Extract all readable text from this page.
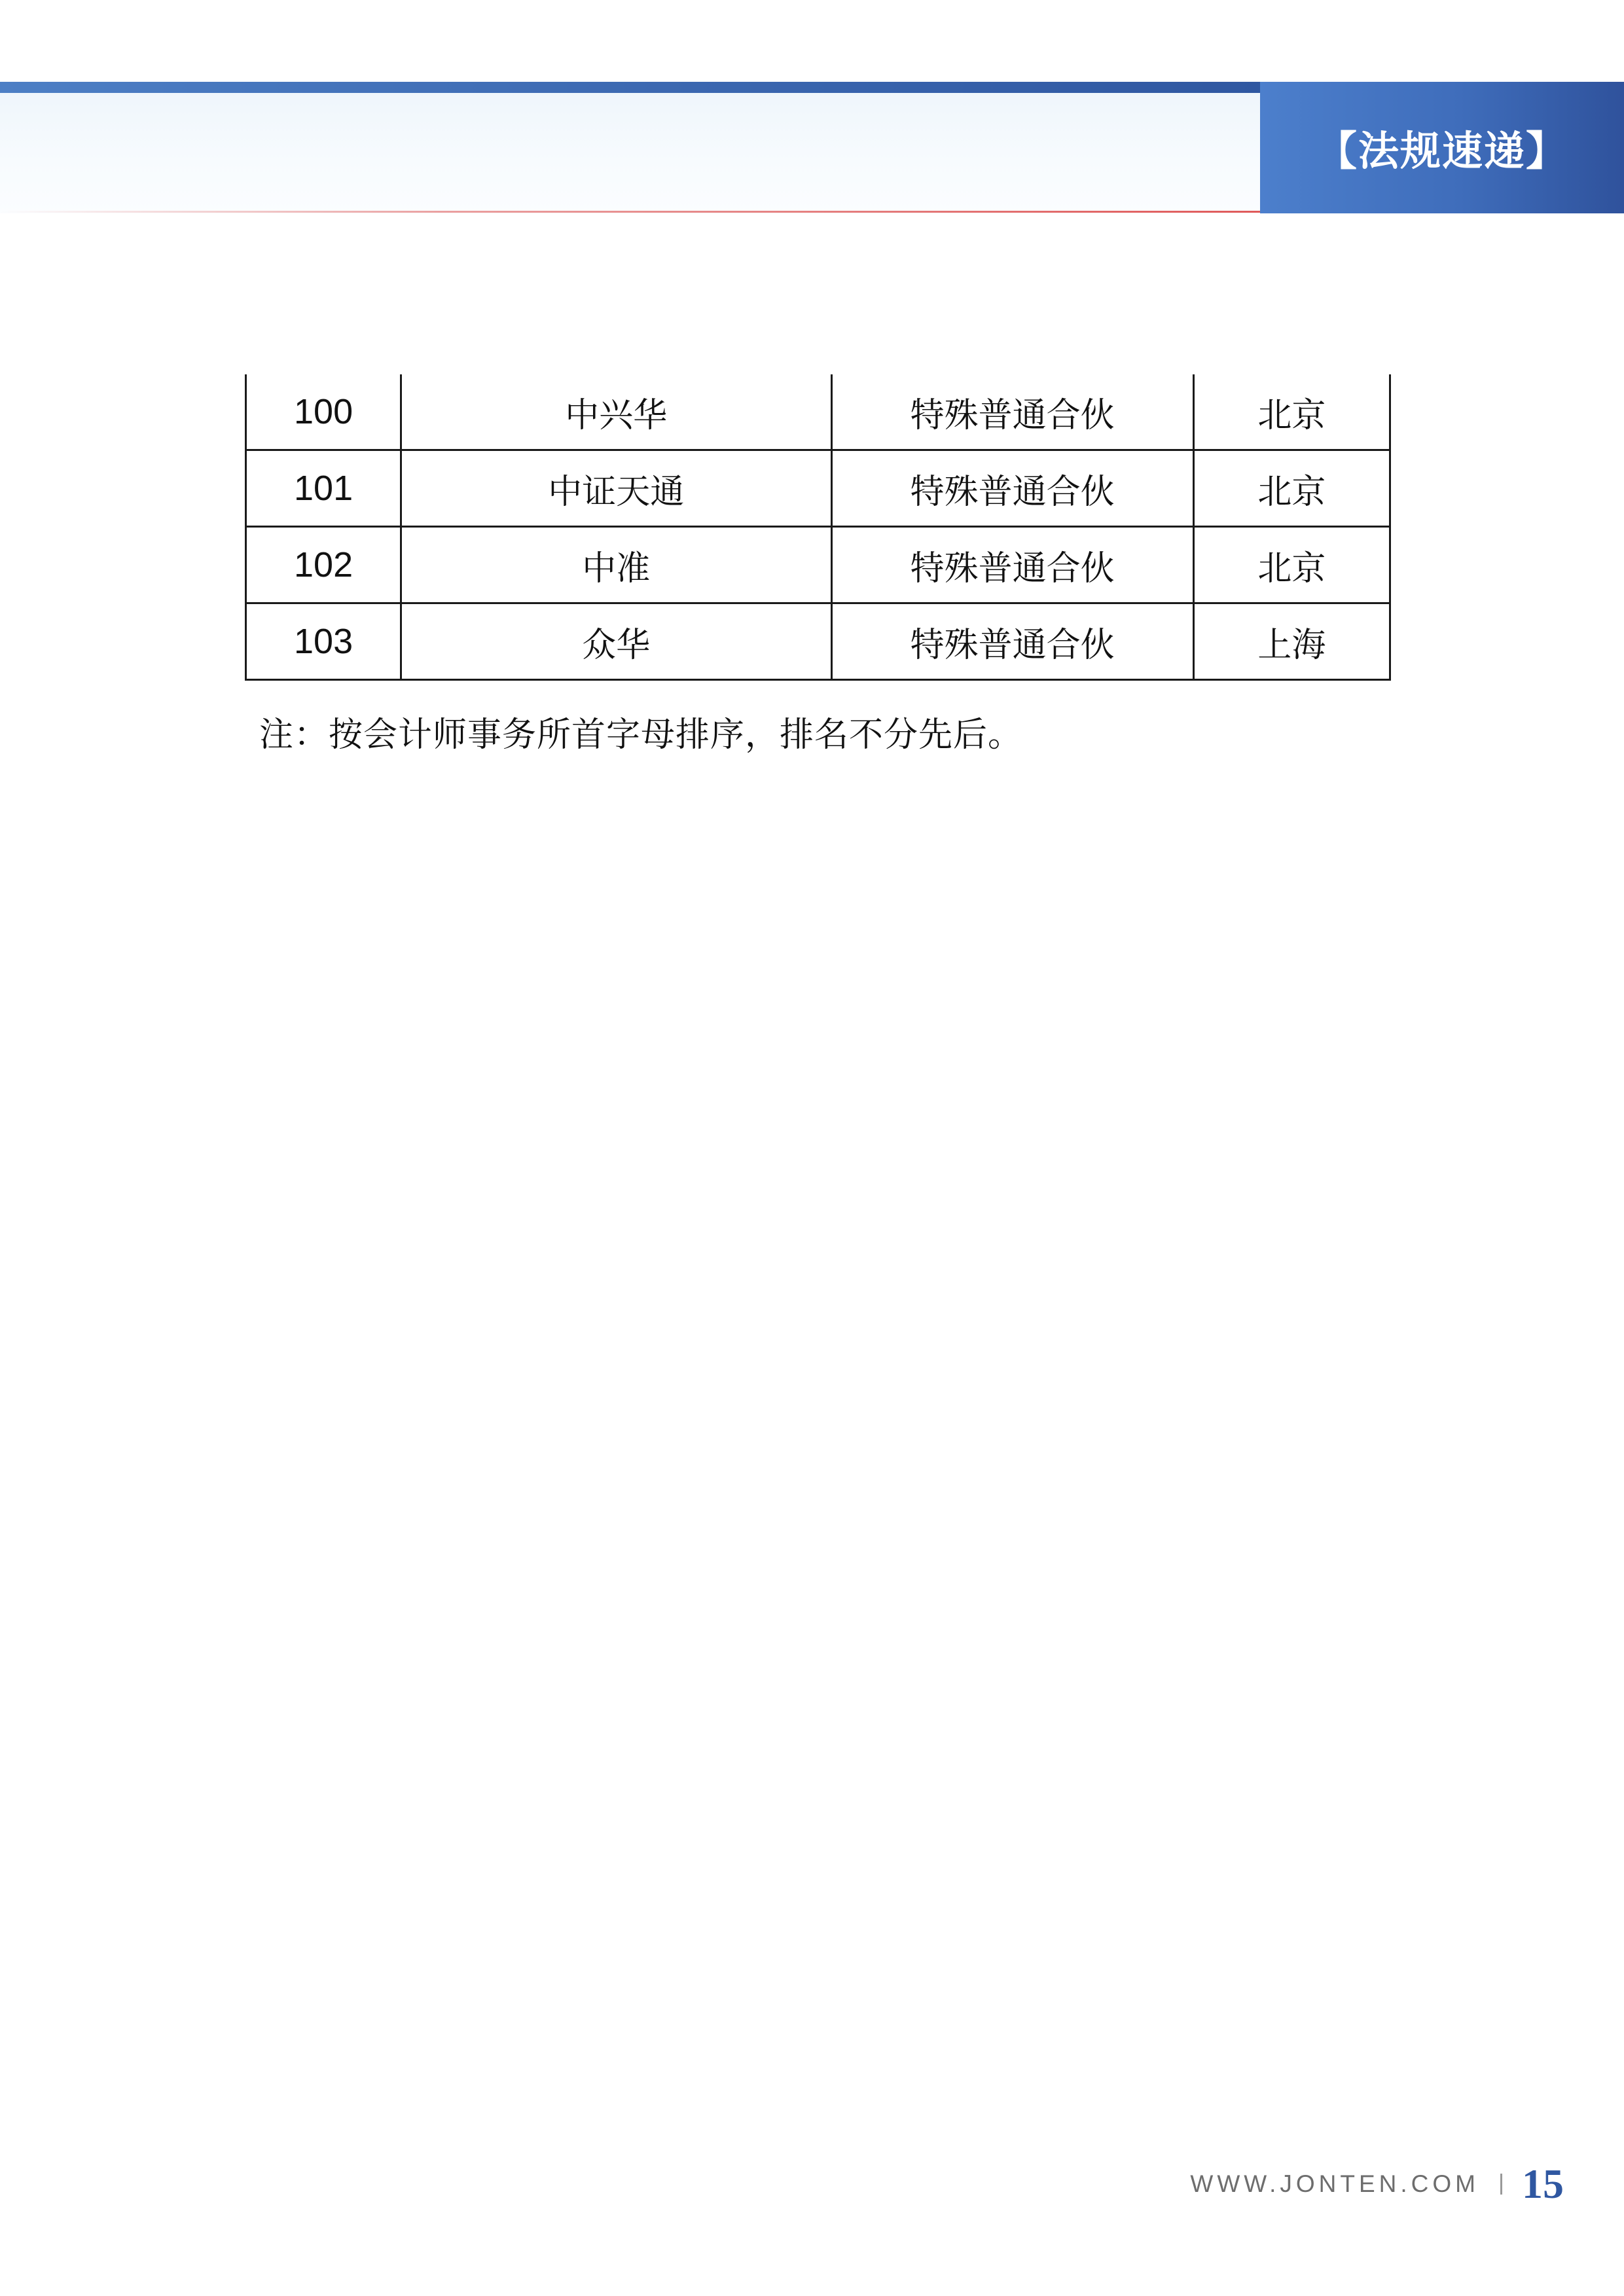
【法规速递】
100	中兴华	特殊普通合伙	北京
101	中证天通	特殊普通合伙	北京
102	中准	特殊普通合伙	北京
103	众华	特殊普通合伙	上海
注：按会计师事务所首字母排序，排名不分先后。
WWW.JONTEN.COM 15
